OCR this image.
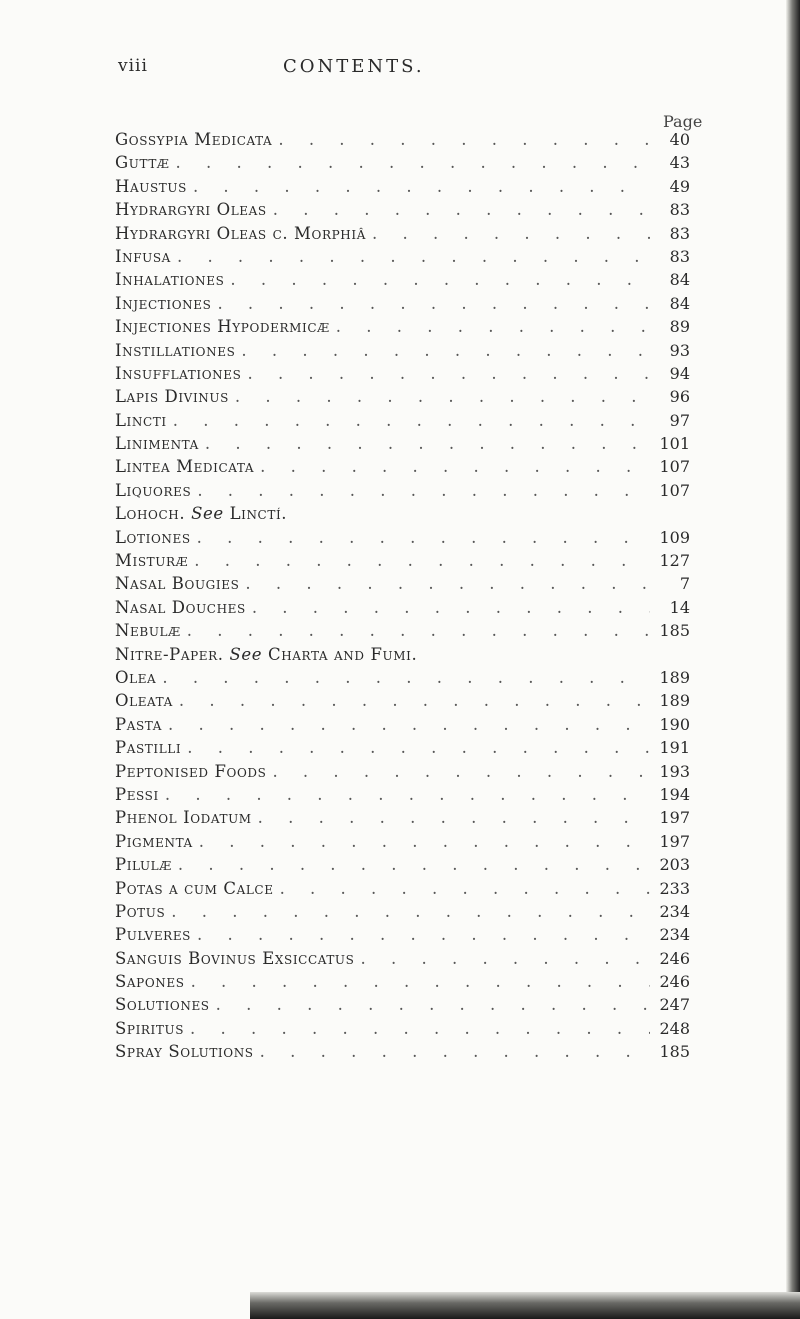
viii	CONTENTS.
Page
Gossypia Medicata . . .	40
Guttæ . . .	43
Haustus . . .	49
Hydrargyri Oleas . . .	83
Hydrargyri Oleas c. Morphiâ . . .	83
Infusa . . .	83
Inhalationes . . .	84
Injectiones . . .	84
Injectiones Hypodermicæ . . .	89
Instillationes . . .	93
Insufflationes . . .	94
Lapis Divinus . . .	96
Lincti . . .	97
Linimenta . . .	101
Lintea Medicata . . .	107
Liquores . . .	107
Lohoch. See Linctí.
Lotiones . . .	109
Misturæ . . .	127
Nasal Bougies . . .	7
Nasal Douches . . .	14
Nebulæ . . .	185
Nitre-Paper. See Charta and Fumi.
Olea . . .	189
Oleata . . .	189
Pasta . . .	190
Pastilli . . .	191
Peptonised Foods . . .	193
Pessi . . .	194
Phenol Iodatum . . .	197
Pigmenta . . .	197
Pilulæ . . .	203
Potas a cum Calce . . .	233
Potus . . .	234
Pulveres . . .	234
Sanguis Bovinus Exsiccatus . . .	246
Sapones . . .	246
Solutiones . . .	247
Spiritus . . .	248
Spray Solutions . . .	185
